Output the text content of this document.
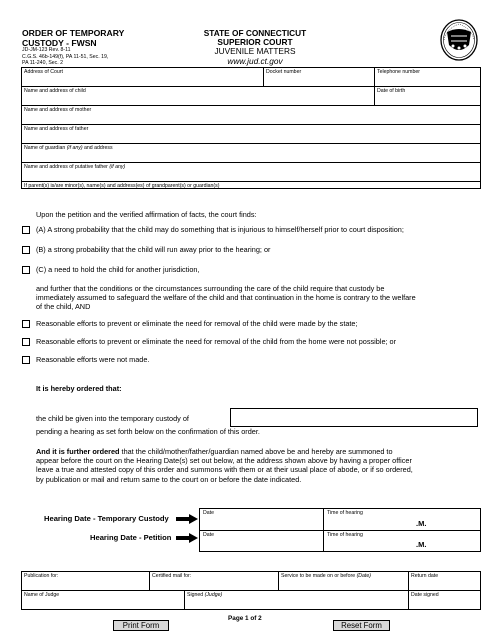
ORDER OF TEMPORARY
CUSTODY - FWSN
JD-JM-123 Rev. 8-11
C.G.S. 46b-149(f), PA 11-51, Sec. 19,
PA 11-240, Sec. 2
STATE OF CONNECTICUT
SUPERIOR COURT
JUVENILE MATTERS
www.jud.ct.gov
Address of Court	Docket number	Telephone number
Name and address of child	Date of birth
Name and address of mother
Name and address of father
Name of guardian (if any) and address
Name and address of putative father (if any)
If parent(s) is/are minor(s), name(s) and address(es) of grandparent(s) or guardian(s)
Upon the petition and the verified affirmation of facts, the court finds:
(A) A strong probability that the child may do something that is injurious to himself/herself prior to court disposition;
(B) a strong probability that the child will run away prior to the hearing; or
(C) a need to hold the child for another jurisdiction,
and further that the conditions or the circumstances surrounding the care of the child require that custody be
immediately assumed to safeguard the welfare of the child and that continuation in the home is contrary to the welfare
of the child, AND
Reasonable efforts to prevent or eliminate the need for removal of the child were made by the state;
Reasonable efforts to prevent or eliminate the need for removal of the child from the home were not possible; or
Reasonable efforts were not made.
It is hereby ordered that:
the child be given into the temporary custody of
pending a hearing as set forth below on the confirmation of this order.
And it is further ordered that the child/mother/father/guardian named above be and hereby are summoned to
appear before the court on the Hearing Date(s) set out below, at the address shown above by having a proper officer
leave a true and attested copy of this order and summons with them or at their usual place of abode, or if so ordered,
by publication or mail and return same to the court on or before the date indicated.
Hearing Date - Temporary Custody
Hearing Date - Petition
Date	Time of hearing
.M.
Date	Time of hearing
.M.
Publication for:	Certified mail for:	Service to be made on or before (Date)	Return date
Name of Judge	Signed (Judge)	Date signed
Print Form
Page 1 of 2
Reset Form
